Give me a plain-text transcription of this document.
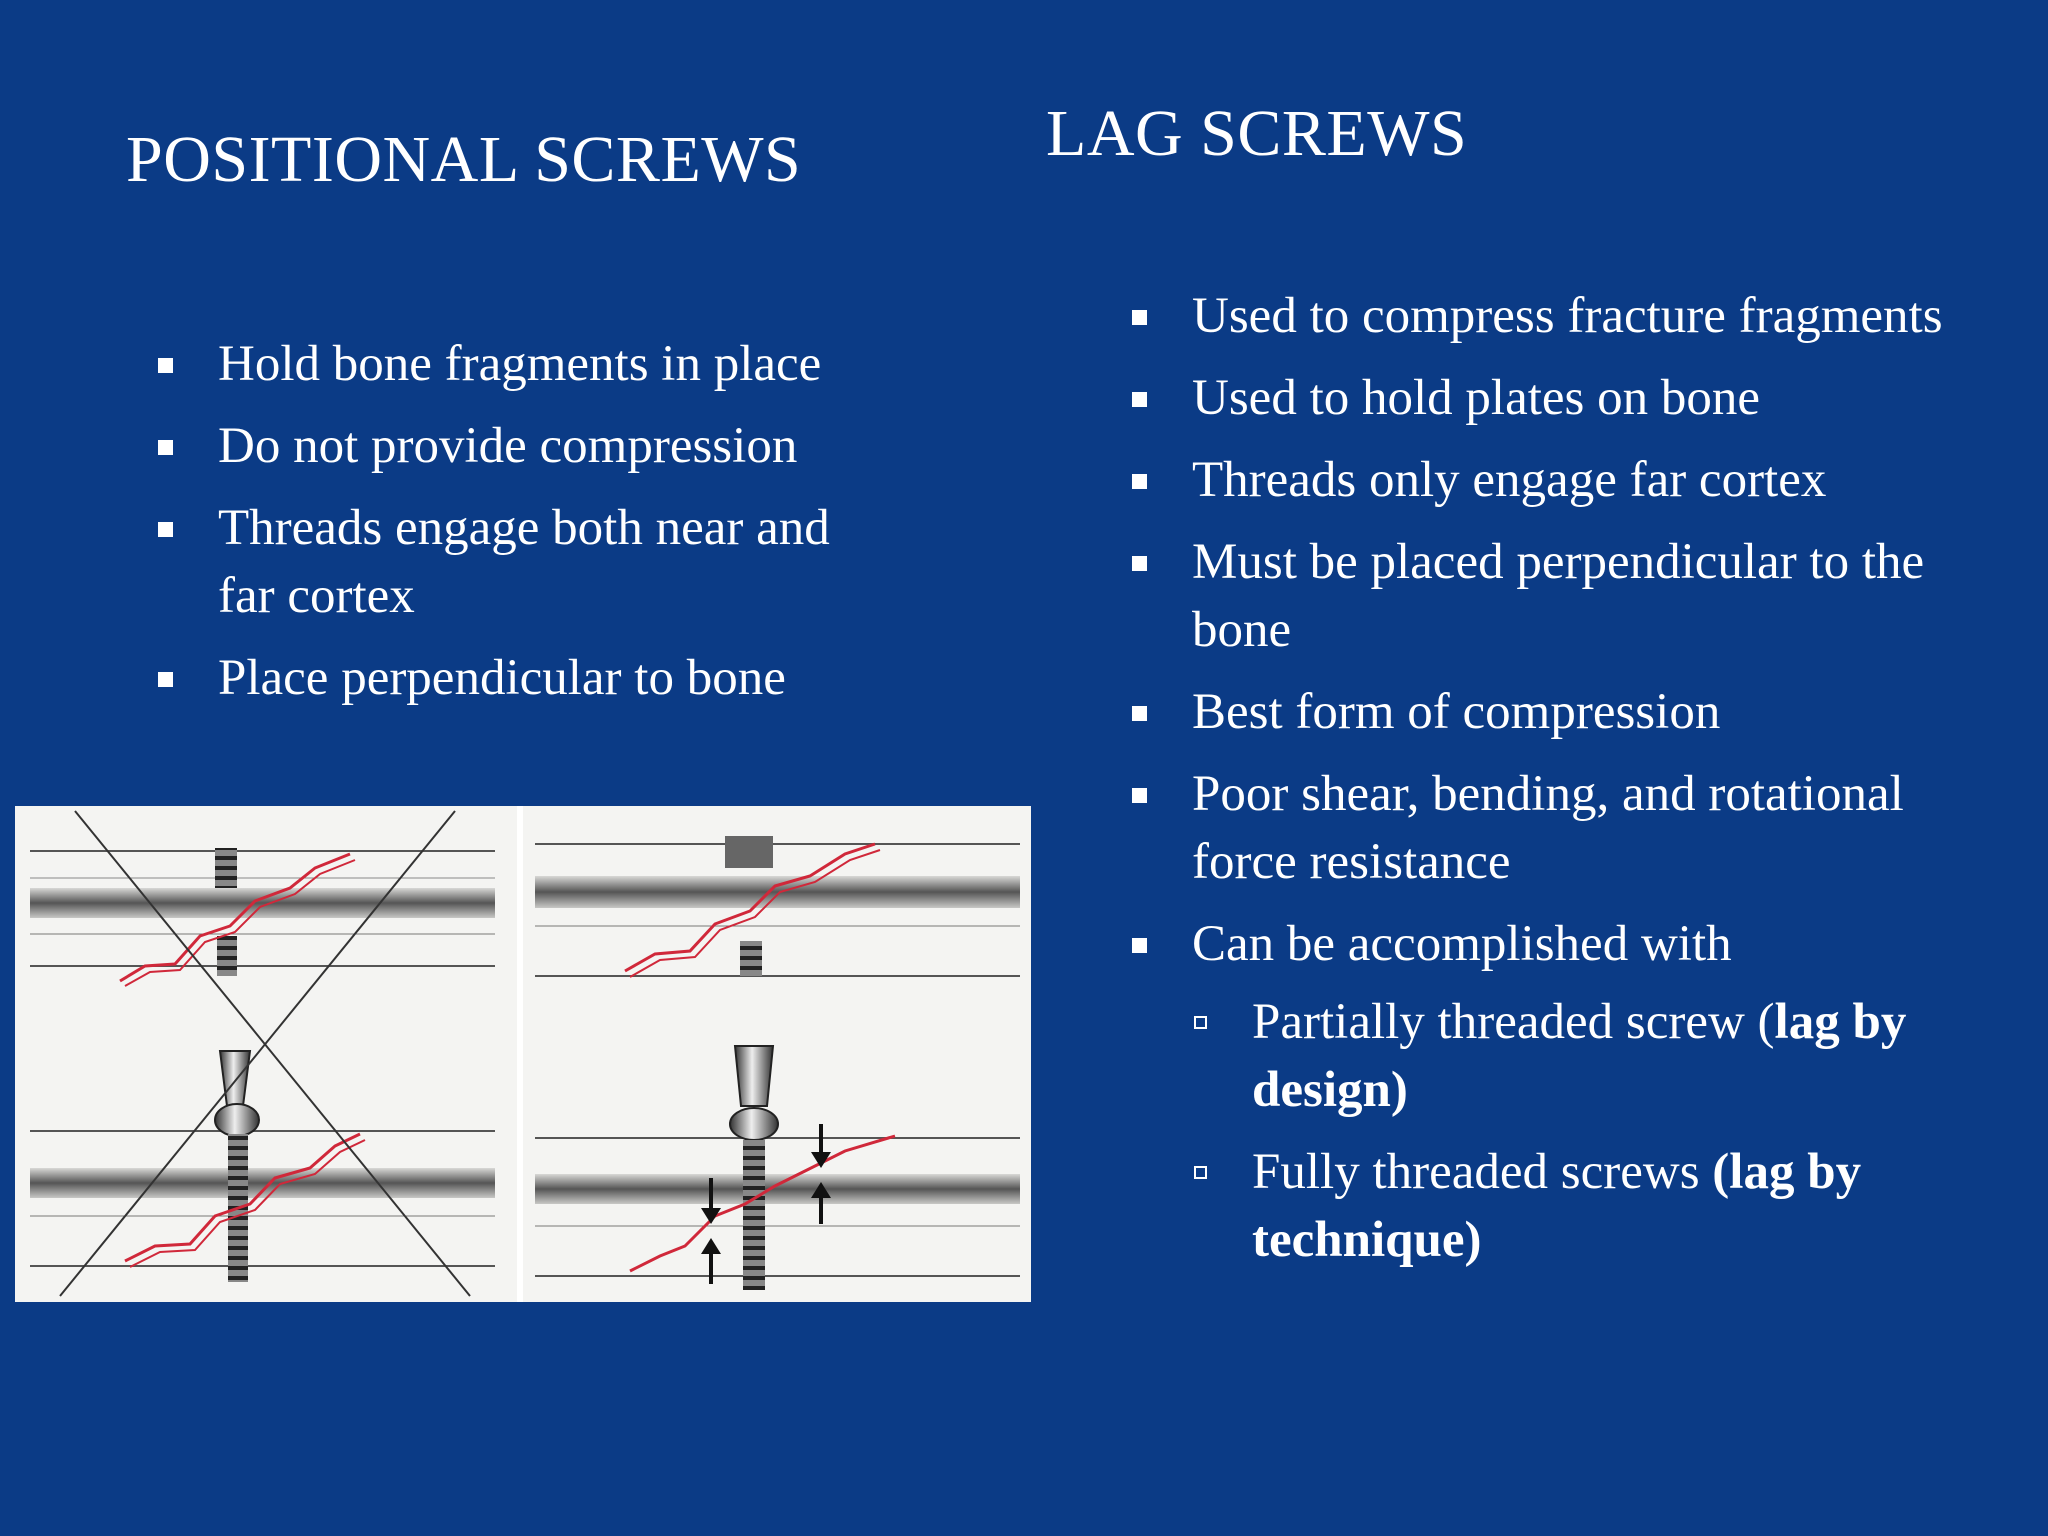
POSITIONAL SCREWS	LAG SCREWS
Hold bone fragments in place
Do not provide compression
Threads engage both near and far cortex
Place perpendicular to bone
Used to compress fracture fragments
Used to hold plates on bone
Threads only engage far cortex
Must be placed perpendicular to the bone
Best form of compression
Poor shear, bending, and rotational force resistance
Can be accomplished with
Partially threaded screw (lag by design)
Fully threaded screws (lag by technique)
